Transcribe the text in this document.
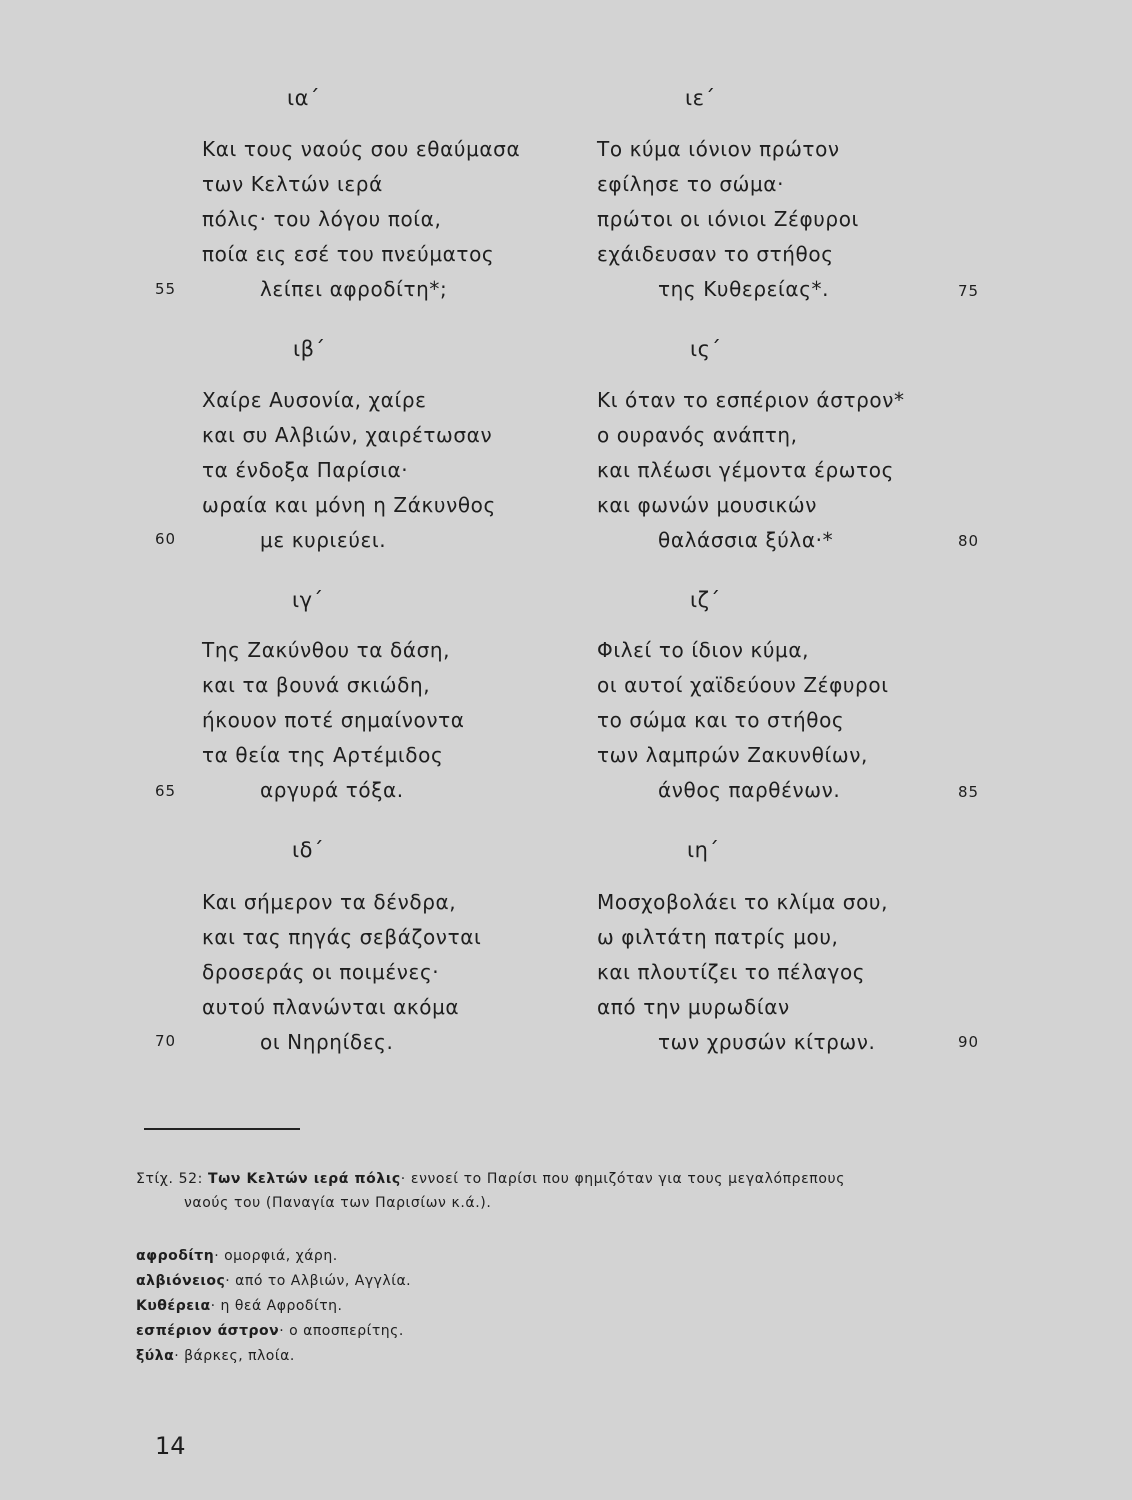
ια΄
Και τους ναούς σου εθαύμασα
των Κελτών ιερά
πόλις· του λόγου ποία,
ποία εις εσέ του πνεύματος
λείπει αφροδίτη*;
ιβ΄
Χαίρε Αυσονία, χαίρε
και συ Αλβιών, χαιρέτωσαν
τα ένδοξα Παρίσια·
ωραία και μόνη η Ζάκυνθος
με κυριεύει.
ιγ΄
Της Ζακύνθου τα δάση,
και τα βουνά σκιώδη,
ήκουον ποτέ σημαίνοντα
τα θεία της Αρτέμιδος
αργυρά τόξα.
ιδ΄
Και σήμερον τα δένδρα,
και τας πηγάς σεβάζονται
δροσεράς οι ποιμένες·
αυτού πλανώνται ακόμα
οι Νηρηίδες.
55
60
65
70
ιε΄
Το κύμα ιόνιον πρώτον
εφίλησε το σώμα·
πρώτοι οι ιόνιοι Ζέφυροι
εχάιδευσαν το στήθος
της Κυθερείας*.
ις΄
Κι όταν το εσπέριον άστρον*
ο ουρανός ανάπτη,
και πλέωσι γέμοντα έρωτος
και φωνών μουσικών
θαλάσσια ξύλα·*
ιζ΄
Φιλεί το ίδιον κύμα,
οι αυτοί χαϊδεύουν Ζέφυροι
το σώμα και το στήθος
των λαμπρών Ζακυνθίων,
άνθος παρθένων.
ιη΄
Μοσχοβολάει το κλίμα σου,
ω φιλτάτη πατρίς μου,
και πλουτίζει το πέλαγος
από την μυρωδίαν
των χρυσών κίτρων.
75
80
85
90
Στίχ. 52: Των Κελτών ιερά πόλις· εννοεί το Παρίσι που φημιζόταν για τους μεγαλόπρεπους
ναούς του (Παναγία των Παρισίων κ.ά.).
αφροδίτη· ομορφιά, χάρη.
αλβιόνειος· από το Αλβιών, Αγγλία.
Κυθέρεια· η θεά Αφροδίτη.
εσπέριον άστρον· ο αποσπερίτης.
ξύλα· βάρκες, πλοία.
14
